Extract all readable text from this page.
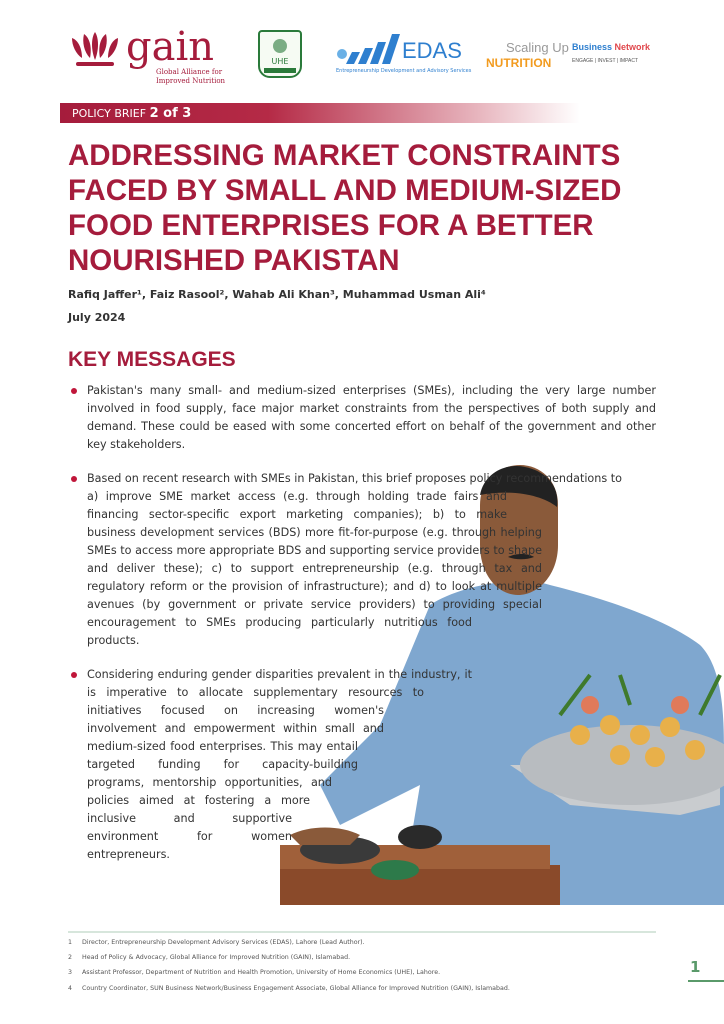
gain
Global Alliance for Improved Nutrition
UHE	EDAS
Entrepreneurship Development and Advisory Services
Scaling Up
NUTRITION
Business Network
ENGAGE | INVEST | IMPACT
POLICY BRIEF 2 of 3
ADDRESSING MARKET CONSTRAINTS FACED BY SMALL AND MEDIUM-SIZED FOOD ENTERPRISES FOR A BETTER NOURISHED PAKISTAN
Rafiq Jaffer¹, Faiz Rasool², Wahab Ali Khan³, Muhammad Usman Ali⁴
July 2024
KEY MESSAGES

Pakistan's many small- and medium-sized enterprises (SMEs), including the very large number involved in food supply, face major market constraints from the perspectives of both supply and demand. These could be eased with some concerted effort on behalf of the government and other key stakeholders.

Based on recent research with SMEs in Pakistan, this brief proposes policy recommendations to a) improve SME market access (e.g. through holding trade fairs and financing sector-specific export marketing companies); b) to make business development services (BDS) more fit-for-purpose (e.g. through helping SMEs to access more appropriate BDS and supporting service providers to shape and deliver these); c) to support entrepreneurship (e.g. through tax and regulatory reform or the provision of infrastructure); and d) to look at multiple avenues (by government or private service providers) to providing special encouragement to SMEs producing particularly nutritious food products.

Considering enduring gender disparities prevalent in the industry, it is imperative to allocate supplementary resources to initiatives focused on increasing women's involvement and empowerment within small and medium-sized food enterprises. This may entail targeted funding for capacity-building programs, mentorship opportunities, and policies aimed at fostering a more inclusive and supportive environment for women entrepreneurs.

1 Director, Entrepreneurship Development Advisory Services (EDAS), Lahore (Lead Author).
2 Head of Policy & Advocacy, Global Alliance for Improved Nutrition (GAIN), Islamabad.
3 Assistant Professor, Department of Nutrition and Health Promotion, University of Home Economics (UHE), Lahore.
4 Country Coordinator, SUN Business Network/Business Engagement Associate, Global Alliance for Improved Nutrition (GAIN), Islamabad.
1
